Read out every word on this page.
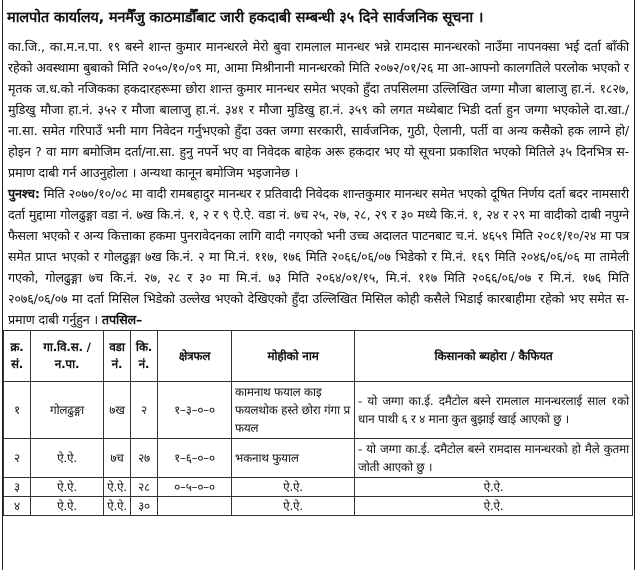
मालपोत कार्यालय, मनमैँजु काठमाडौँबाट जारी हकदाबी सम्बन्धी ३५ दिने सार्वजनिक सूचना ।

का.जि., का.म.न.पा. १९ बस्ने शान्त कुमार मानन्धरले मेरो बुवा रामलाल मानन्धर भन्ने रामदास मानन्धरको नाउँमा नापनक्सा भई दर्ता बाँकी रहेको अवस्थामा बुबाको मिति २०५०/१०/०९ मा, आमा मिश्रीनानी मानन्धरको मिति २०७२/०१/२६ मा आ-आफ्नो कालगतिले परलोक भएको र मृतक ज.ध.को नजिकका हकदारहरूमा छोरा शान्त कुमार मानन्धर समेत भएको हुँदा तपसिलमा उल्लिखित जग्गा मौजा बालाजु हा.नं. १८२७, मुडिखु मौजा हा.नं. ३५२ र मौजा बालाजु हा.नं. ३४१ र मौजा मुडिखु हा.नं. ३५९ को लगत मध्येबाट भिडी दर्ता हुन जग्गा भएकोले दा.खा./ना.सा. समेत गरिपाउँ भनी माग निवेदन गर्नुभएको हुँदा उक्त जग्गा सरकारी, सार्वजनिक, गुठी, ऐलानी, पर्ती वा अन्य कसैको हक लाग्ने हो/होइन ? वा माग बमोजिम दर्ता/ना.सा. हुनु नपर्ने भए वा निवेदक बाहेक अरू हकदार भए यो सूचना प्रकाशित भएको मितिले ३५ दिनभित्र स-प्रमाण दाबी गर्न आउनुहोला । अन्यथा कानून बमोजिम भइजानेछ ।

पुनश्च: मिति २०७०/१०/०८ मा वादी रामबहादुर मानन्धर र प्रतिवादी निवेदक शान्तकुमार मानन्धर समेत भएको दूषित निर्णय दर्ता बदर नामसारी दर्ता मुद्दामा गोलढुङ्गा वडा नं. ७ख कि.नं. १, २ र ९ ऐ.ऐ. वडा नं. ७च २५, २७, २८, २९ र ३० मध्ये कि.नं. १, २४ र २९ मा वादीको दाबी नपुग्ने फैसला भएको र अन्य कित्ताका हकमा पुनरावेदनका लागि वादी नगएको भनी उच्च अदालत पाटनबाट च.नं. ४६५९ मिति २०८१/१०/२४ मा पत्र समेत प्राप्त भएको र गोलढुङ्गा ७ख कि.नं. २ मा मि.नं. ११७, १७६ मिति २०६६/०६/०७ भिडेको र मि.नं. १६९ मिति २०४६/०६/०६ मा तामेली गएको, गोलढुङ्गा ७च कि.नं. २७, २८ र ३० मा मि.नं. ७३ मिति २०६४/०१/१५, मि.नं. ११७ मिति २०६६/०६/०७ र मि.नं. १७६ मिति २०७६/०६/०७ मा दर्ता मिसिल भिडेको उल्लेख भएको देखिएको हुँदा उल्लिखित मिसिल कोही कसैले भिडाई कारबाहीमा रहेको भए समेत स-प्रमाण दाबी गर्नुहुन । तपसिल–

क्र. सं.	गा.वि.स. / न.पा.	वडा नं.	कि. नं.	क्षेत्रफल	मोहीको नाम	किसानको ब्यहोरा / कैफियत
१	गोलढुङ्गा	७ख	२	१–३–०–०	कामनाथ फयाल काइ फयलथोक हस्ते छोरा गंगा प्र फयल	- यो जग्गा का.ई. दमैटोल बस्ने रामलाल मानन्धरलाई साल १को धान पाथी ६ र ४ माना कुत बुझाई खाई आएको छु ।
२	ऐ.ऐ.	७च	२७	१–६–०–०	भकनाथ फुयाल	- यो जग्गा का.ई. दमैटोल बस्ने रामदास मानन्धरको हो मैले कुतमा जोती आएको छु ।
३	ऐ.ऐ.	ऐ.ऐ.	२८	०–५–०–०	ऐ.ऐ.	ऐ.ऐ.
४	ऐ.ऐ.	ऐ.ऐ.	३०		ऐ.ऐ.	ऐ.ऐ.
